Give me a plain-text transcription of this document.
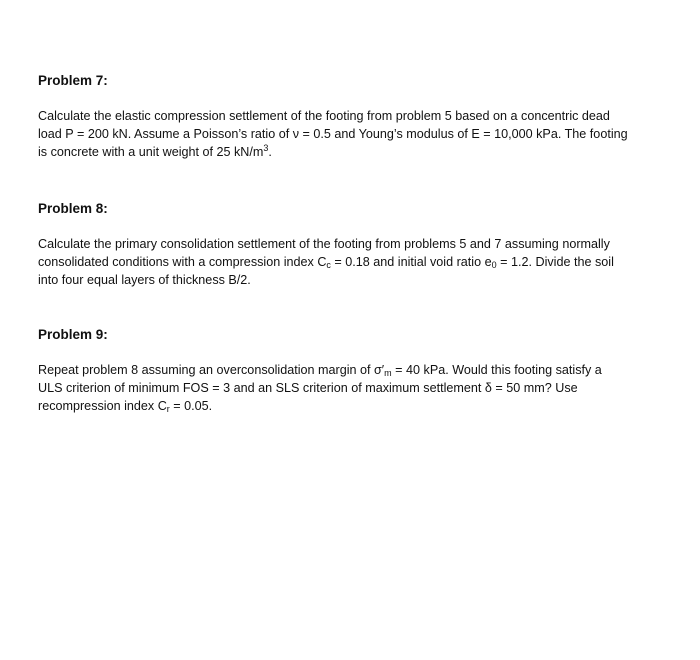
Problem 7:

Calculate the elastic compression settlement of the footing from problem 5 based on a concentric dead
load P = 200 kN. Assume a Poisson’s ratio of ν = 0.5 and Young’s modulus of E = 10,000 kPa. The footing
is concrete with a unit weight of 25 $kN/m^3$.

Problem 8:

Calculate the primary consolidation settlement of the footing from problems 5 and 7 assuming normally
consolidated conditions with a compression index $C_c = 0.18$ and initial void ratio $e_0 = 1.2$. Divide the soil
into four equal layers of thickness B/2.

Problem 9:

Repeat problem 8 assuming an overconsolidation margin of $\sigma'_m = 40$ kPa. Would this footing satisfy a
ULS criterion of minimum FOS = 3 and an SLS criterion of maximum settlement δ = 50 mm? Use
recompression index $C_r = 0.05$.
